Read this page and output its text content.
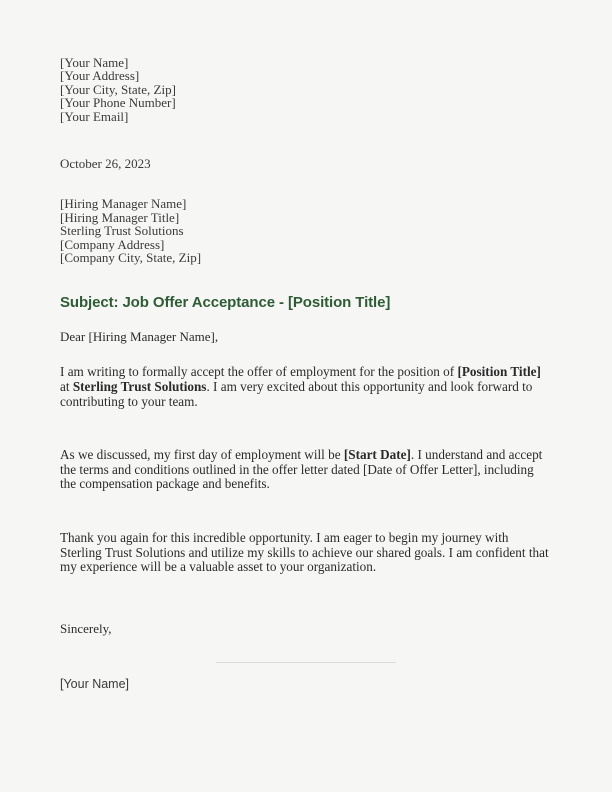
[Your Name]
[Your Address]
[Your City, State, Zip]
[Your Phone Number]
[Your Email]
October 26, 2023
[Hiring Manager Name]
[Hiring Manager Title]
Sterling Trust Solutions
[Company Address]
[Company City, State, Zip]
Subject: Job Offer Acceptance - [Position Title]
Dear [Hiring Manager Name],

I am writing to formally accept the offer of employment for the position of [Position Title] at Sterling Trust Solutions. I am very excited about this opportunity and look forward to contributing to your team.

As we discussed, my first day of employment will be [Start Date]. I understand and accept the terms and conditions outlined in the offer letter dated [Date of Offer Letter], including the compensation package and benefits.

Thank you again for this incredible opportunity. I am eager to begin my journey with Sterling Trust Solutions and utilize my skills to achieve our shared goals. I am confident that my experience will be a valuable asset to your organization.

Sincerely,
[Your Name]
